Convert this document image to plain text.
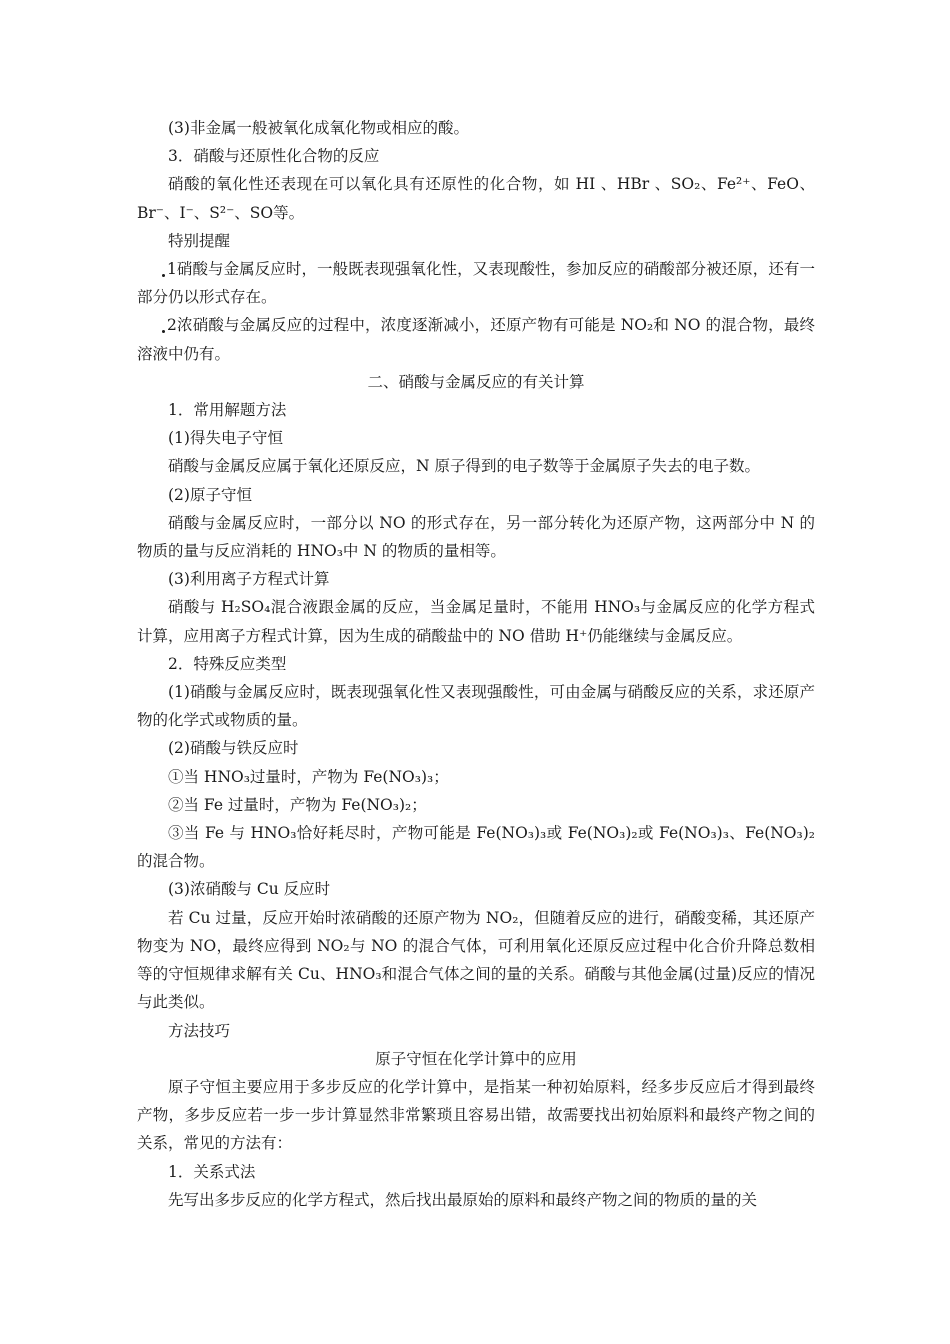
(3)非金属一般被氧化成氧化物或相应的酸。

3．硝酸与还原性化合物的反应

硝酸的氧化性还表现在可以氧化具有还原性的化合物，如 HI 、HBr 、SO₂、Fe²⁺、FeO、Br⁻、I⁻、S²⁻、SO等。

特别提醒

1硝酸与金属反应时，一般既表现强氧化性，又表现酸性，参加反应的硝酸部分被还原，还有一部分仍以形式存在。

2浓硝酸与金属反应的过程中，浓度逐渐减小，还原产物有可能是 NO₂和 NO 的混合物，最终溶液中仍有。

二、硝酸与金属反应的有关计算

1．常用解题方法

(1)得失电子守恒

硝酸与金属反应属于氧化还原反应，N 原子得到的电子数等于金属原子失去的电子数。

(2)原子守恒

硝酸与金属反应时，一部分以 NO 的形式存在，另一部分转化为还原产物，这两部分中 N 的物质的量与反应消耗的 HNO₃中 N 的物质的量相等。

(3)利用离子方程式计算

硝酸与 H₂SO₄混合液跟金属的反应，当金属足量时，不能用 HNO₃与金属反应的化学方程式计算，应用离子方程式计算，因为生成的硝酸盐中的 NO 借助 H⁺仍能继续与金属反应。

2．特殊反应类型

(1)硝酸与金属反应时，既表现强氧化性又表现强酸性，可由金属与硝酸反应的关系，求还原产物的化学式或物质的量。

(2)硝酸与铁反应时

①当 HNO₃过量时，产物为 Fe(NO₃)₃；

②当 Fe 过量时，产物为 Fe(NO₃)₂；

③当 Fe 与 HNO₃恰好耗尽时，产物可能是 Fe(NO₃)₃或 Fe(NO₃)₂或 Fe(NO₃)₃、Fe(NO₃)₂的混合物。

(3)浓硝酸与 Cu 反应时

若 Cu 过量，反应开始时浓硝酸的还原产物为 NO₂，但随着反应的进行，硝酸变稀，其还原产物变为 NO，最终应得到 NO₂与 NO 的混合气体，可利用氧化还原反应过程中化合价升降总数相等的守恒规律求解有关 Cu、HNO₃和混合气体之间的量的关系。硝酸与其他金属(过量)反应的情况与此类似。

方法技巧

原子守恒在化学计算中的应用

原子守恒主要应用于多步反应的化学计算中，是指某一种初始原料，经多步反应后才得到最终产物，多步反应若一步一步计算显然非常繁琐且容易出错，故需要找出初始原料和最终产物之间的关系，常见的方法有：

1．关系式法

先写出多步反应的化学方程式，然后找出最原始的原料和最终产物之间的物质的量的关
